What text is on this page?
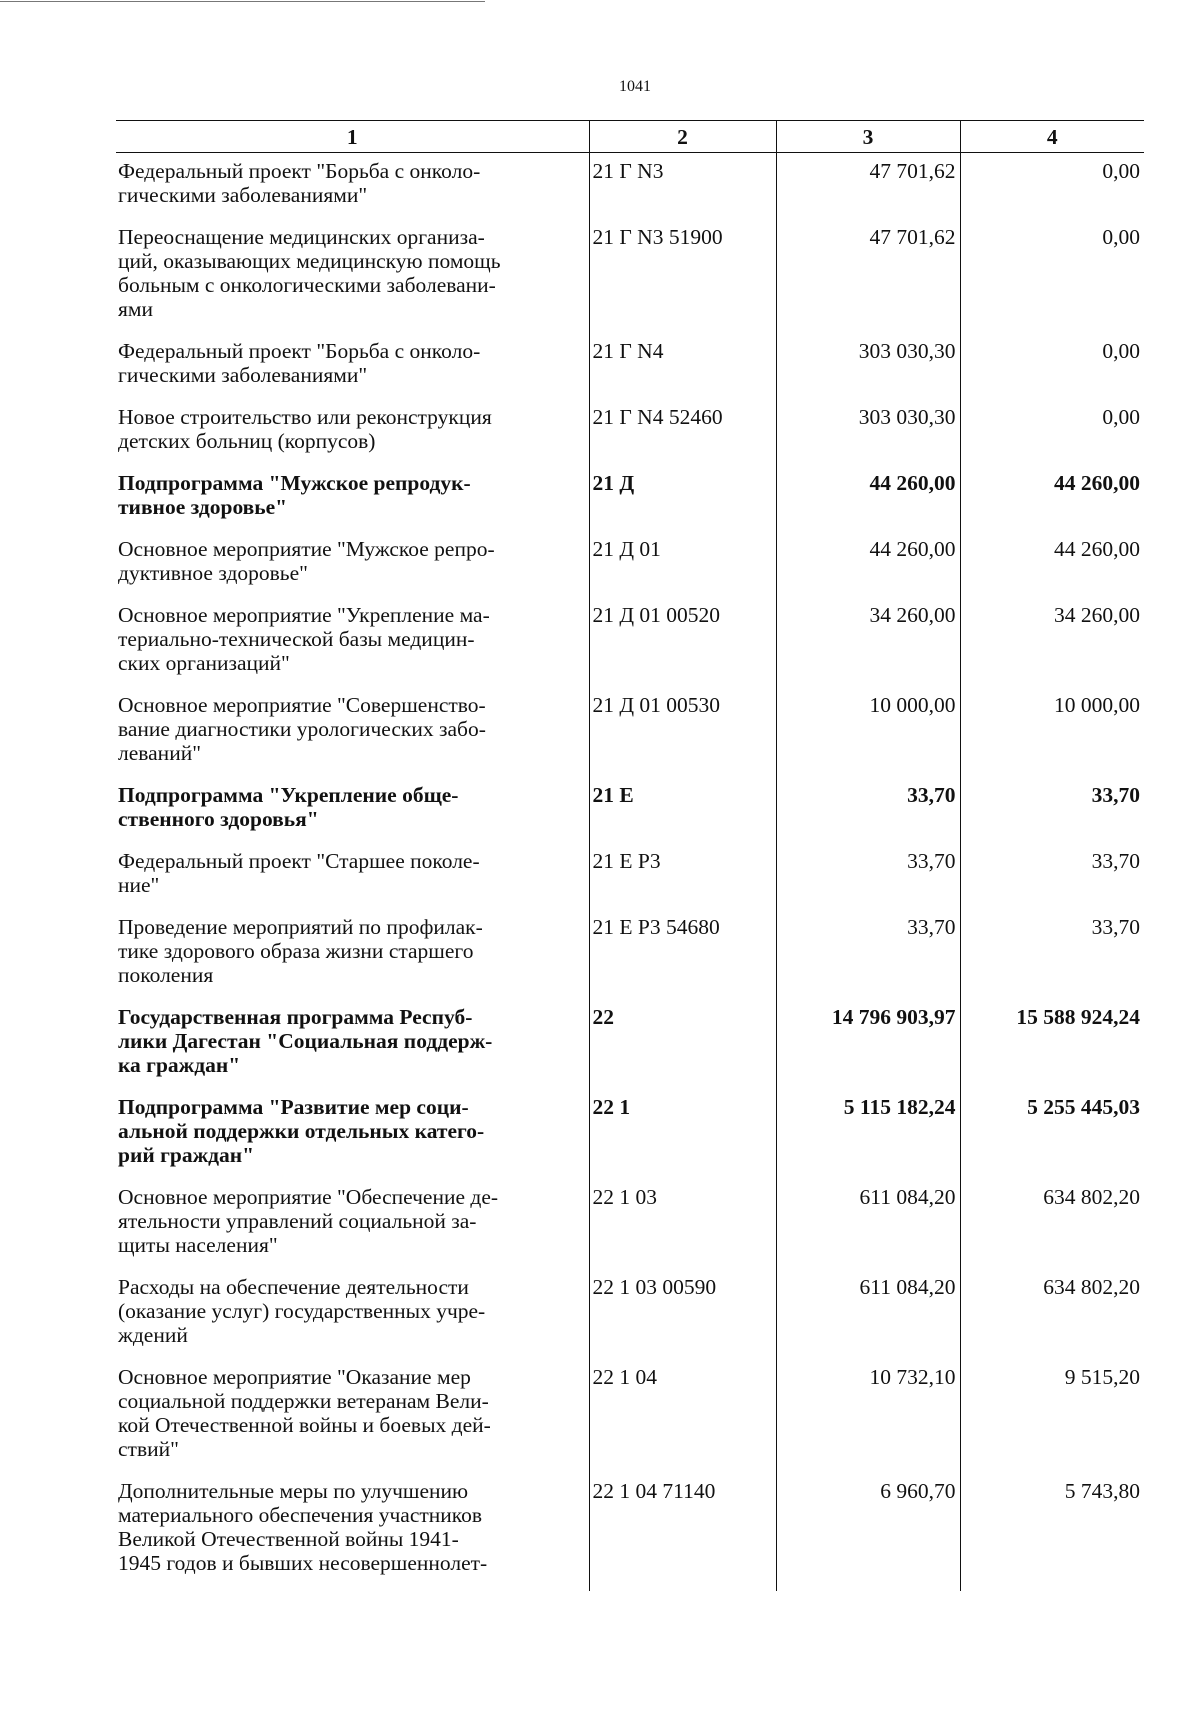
1041
1	2	3	4
Федеральный проект "Борьба с онколо-
гическими заболеваниями"	21 Г N3	47 701,62	0,00
Переоснащение медицинских организа-
ций, оказывающих медицинскую помощь
больным с онкологическими заболевани-
ями	21 Г N3 51900	47 701,62	0,00
Федеральный проект "Борьба с онколо-
гическими заболеваниями"	21 Г N4	303 030,30	0,00
Новое строительство или реконструкция
детских больниц (корпусов)	21 Г N4 52460	303 030,30	0,00
Подпрограмма "Мужское репродук-
тивное здоровье"	21 Д	44 260,00	44 260,00
Основное мероприятие "Мужское репро-
дуктивное здоровье"	21 Д 01	44 260,00	44 260,00
Основное мероприятие "Укрепление ма-
териально-технической базы медицин-
ских организаций"	21 Д 01 00520	34 260,00	34 260,00
Основное мероприятие "Совершенство-
вание диагностики урологических забо-
леваний"	21 Д 01 00530	10 000,00	10 000,00
Подпрограмма "Укрепление обще-
ственного здоровья"	21 Е	33,70	33,70
Федеральный проект "Старшее поколе-
ние"	21 Е P3	33,70	33,70
Проведение мероприятий по профилак-
тике здорового образа жизни старшего
поколения	21 Е P3 54680	33,70	33,70
Государственная программа Респуб-
лики Дагестан "Социальная поддерж-
ка граждан"	22	14 796 903,97	15 588 924,24
Подпрограмма "Развитие мер соци-
альной поддержки отдельных катего-
рий граждан"	22 1	5 115 182,24	5 255 445,03
Основное мероприятие "Обеспечение де-
ятельности управлений социальной за-
щиты населения"	22 1 03	611 084,20	634 802,20
Расходы на обеспечение деятельности
(оказание услуг) государственных учре-
ждений	22 1 03 00590	611 084,20	634 802,20
Основное мероприятие "Оказание мер
социальной поддержки ветеранам Вели-
кой Отечественной войны и боевых дей-
ствий"	22 1 04	10 732,10	9 515,20
Дополнительные меры по улучшению
материального обеспечения участников
Великой Отечественной войны 1941-
1945 годов и бывших несовершеннолет-	22 1 04 71140	6 960,70	5 743,80
